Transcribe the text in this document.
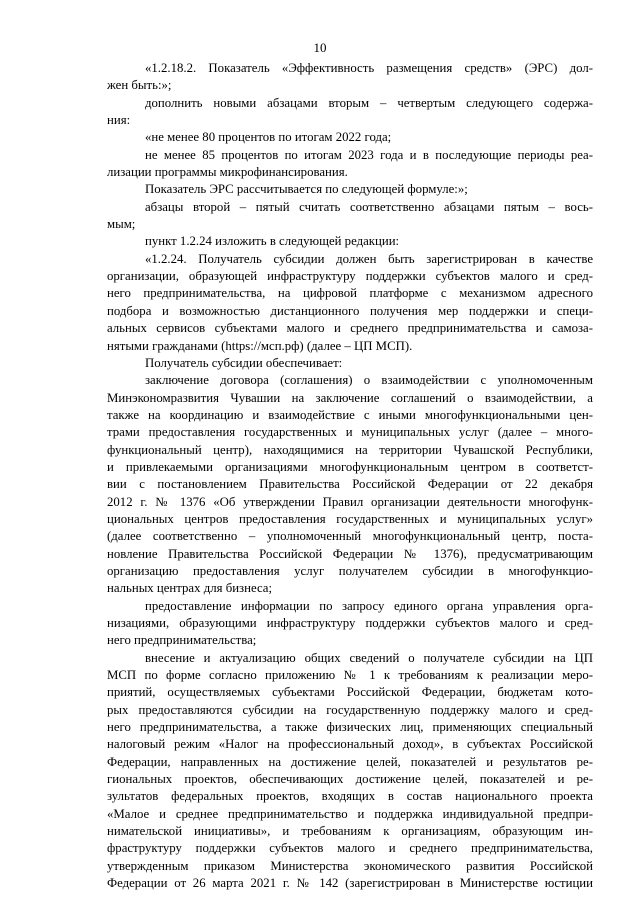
10
«1.2.18.2. Показатель «Эффективность размещения средств» (ЭРС) дол-
жен быть:»;
дополнить новыми абзацами вторым – четвертым следующего содержа-
ния:
«не менее 80 процентов по итогам 2022 года;
не менее 85 процентов по итогам 2023 года и в последующие периоды реа-
лизации программы микрофинансирования.
Показатель ЭРС рассчитывается по следующей формуле:»;
абзацы второй – пятый считать соответственно абзацами пятым – вось-
мым;
пункт 1.2.24 изложить в следующей редакции:
«1.2.24. Получатель субсидии должен быть зарегистрирован в качестве
организации, образующей инфраструктуру поддержки субъектов малого и сред-
него предпринимательства, на цифровой платформе с механизмом адресного
подбора и возможностью дистанционного получения мер поддержки и специ-
альных сервисов субъектами малого и среднего предпринимательства и самоза-
нятыми гражданами (https://мсп.рф) (далее – ЦП МСП).
Получатель субсидии обеспечивает:
заключение договора (соглашения) о взаимодействии с уполномоченным
Минэкономразвития Чувашии на заключение соглашений о взаимодействии, а
также на координацию и взаимодействие с иными многофункциональными цен-
трами предоставления государственных и муниципальных услуг (далее – много-
функциональный центр), находящимися на территории Чувашской Республики,
и привлекаемыми организациями многофункциональным центром в соответст-
вии с постановлением Правительства Российской Федерации от 22 декабря
2012 г. № 1376 «Об утверждении Правил организации деятельности многофунк-
циональных центров предоставления государственных и муниципальных услуг»
(далее соответственно – уполномоченный многофункциональный центр, поста-
новление Правительства Российской Федерации № 1376), предусматривающим
организацию предоставления услуг получателем субсидии в многофункцио-
нальных центрах для бизнеса;
предоставление информации по запросу единого органа управления орга-
низациями, образующими инфраструктуру поддержки субъектов малого и сред-
него предпринимательства;
внесение и актуализацию общих сведений о получателе субсидии на ЦП
МСП по форме согласно приложению № 1 к требованиям к реализации меро-
приятий, осуществляемых субъектами Российской Федерации, бюджетам кото-
рых предоставляются субсидии на государственную поддержку малого и сред-
него предпринимательства, а также физических лиц, применяющих специальный
налоговый режим «Налог на профессиональный доход», в субъектах Российской
Федерации, направленных на достижение целей, показателей и результатов ре-
гиональных проектов, обеспечивающих достижение целей, показателей и ре-
зультатов федеральных проектов, входящих в состав национального проекта
«Малое и среднее предпринимательство и поддержка индивидуальной предпри-
нимательской инициативы», и требованиям к организациям, образующим ин-
фраструктуру поддержки субъектов малого и среднего предпринимательства,
утвержденным приказом Министерства экономического развития Российской
Федерации от 26 марта 2021 г. № 142 (зарегистрирован в Министерстве юстиции
